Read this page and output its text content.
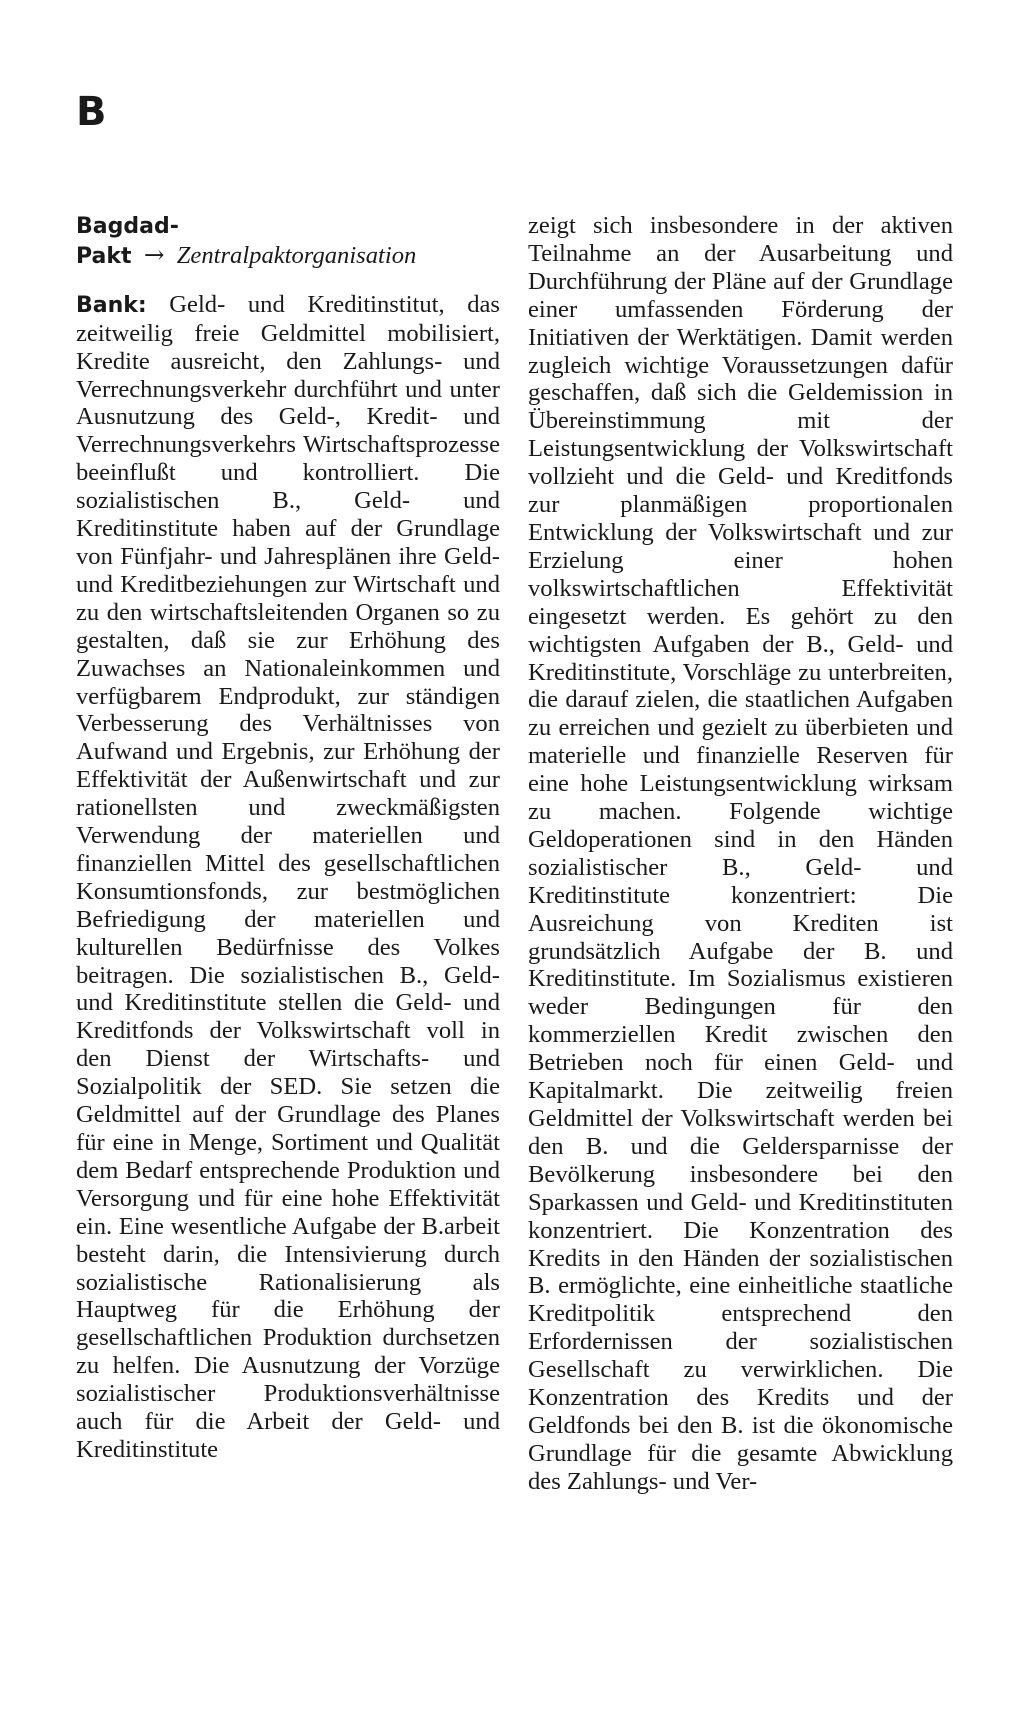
B

Bagdad-Pakt → Zentralpaktorganisation

Bank: Geld- und Kreditinstitut, das zeitweilig freie Geldmittel mobilisiert, Kredite ausreicht, den Zahlungs- und Verrechnungsverkehr durchführt und unter Ausnutzung des Geld-, Kredit- und Verrechnungsverkehrs Wirtschaftsprozesse beeinflußt und kontrolliert. Die sozialistischen B., Geld- und Kreditinstitute haben auf der Grundlage von Fünfjahr- und Jahresplänen ihre Geld- und Kreditbeziehungen zur Wirtschaft und zu den wirtschaftsleitenden Organen so zu gestalten, daß sie zur Erhöhung des Zuwachses an Nationaleinkommen und verfügbarem Endprodukt, zur ständigen Verbesserung des Verhältnisses von Aufwand und Ergebnis, zur Erhöhung der Effektivität der Außenwirtschaft und zur rationellsten und zweckmäßigsten Verwendung der materiellen und finanziellen Mittel des gesellschaftlichen Konsumtionsfonds, zur bestmöglichen Befriedigung der materiellen und kulturellen Bedürfnisse des Volkes beitragen. Die sozialistischen B., Geld- und Kreditinstitute stellen die Geld- und Kreditfonds der Volkswirtschaft voll in den Dienst der Wirtschafts- und Sozialpolitik der SED. Sie setzen die Geldmittel auf der Grundlage des Planes für eine in Menge, Sortiment und Qualität dem Bedarf entsprechende Produktion und Versorgung und für eine hohe Effektivität ein. Eine wesentliche Aufgabe der B.arbeit besteht darin, die Intensivierung durch sozialistische Rationalisierung als Hauptweg für die Erhöhung der gesellschaftlichen Produktion durchsetzen zu helfen. Die Ausnutzung der Vorzüge sozialistischer Produktionsverhältnisse auch für die Arbeit der Geld- und Kreditinstitute

zeigt sich insbesondere in der aktiven Teilnahme an der Ausarbeitung und Durchführung der Pläne auf der Grundlage einer umfassenden Förderung der Initiativen der Werktätigen. Damit werden zugleich wichtige Voraussetzungen dafür geschaffen, daß sich die Geldemission in Übereinstimmung mit der Leistungsentwicklung der Volkswirtschaft vollzieht und die Geld- und Kreditfonds zur planmäßigen proportionalen Entwicklung der Volkswirtschaft und zur Erzielung einer hohen volkswirtschaftlichen Effektivität eingesetzt werden. Es gehört zu den wichtigsten Aufgaben der B., Geld- und Kreditinstitute, Vorschläge zu unterbreiten, die darauf zielen, die staatlichen Aufgaben zu erreichen und gezielt zu überbieten und materielle und finanzielle Reserven für eine hohe Leistungsentwicklung wirksam zu machen. Folgende wichtige Geldoperationen sind in den Händen sozialistischer B., Geld- und Kreditinstitute konzentriert: Die Ausreichung von Krediten ist grundsätzlich Aufgabe der B. und Kreditinstitute. Im Sozialismus existieren weder Bedingungen für den kommerziellen Kredit zwischen den Betrieben noch für einen Geld- und Kapitalmarkt. Die zeitweilig freien Geldmittel der Volkswirtschaft werden bei den B. und die Geldersparnisse der Bevölkerung insbesondere bei den Sparkassen und Geld- und Kreditinstituten konzentriert. Die Konzentration des Kredits in den Händen der sozialistischen B. ermöglichte, eine einheitliche staatliche Kreditpolitik entsprechend den Erfordernissen der sozialistischen Gesellschaft zu verwirklichen. Die Konzentration des Kredits und der Geldfonds bei den B. ist die ökonomische Grundlage für die gesamte Abwicklung des Zahlungs- und Ver-
